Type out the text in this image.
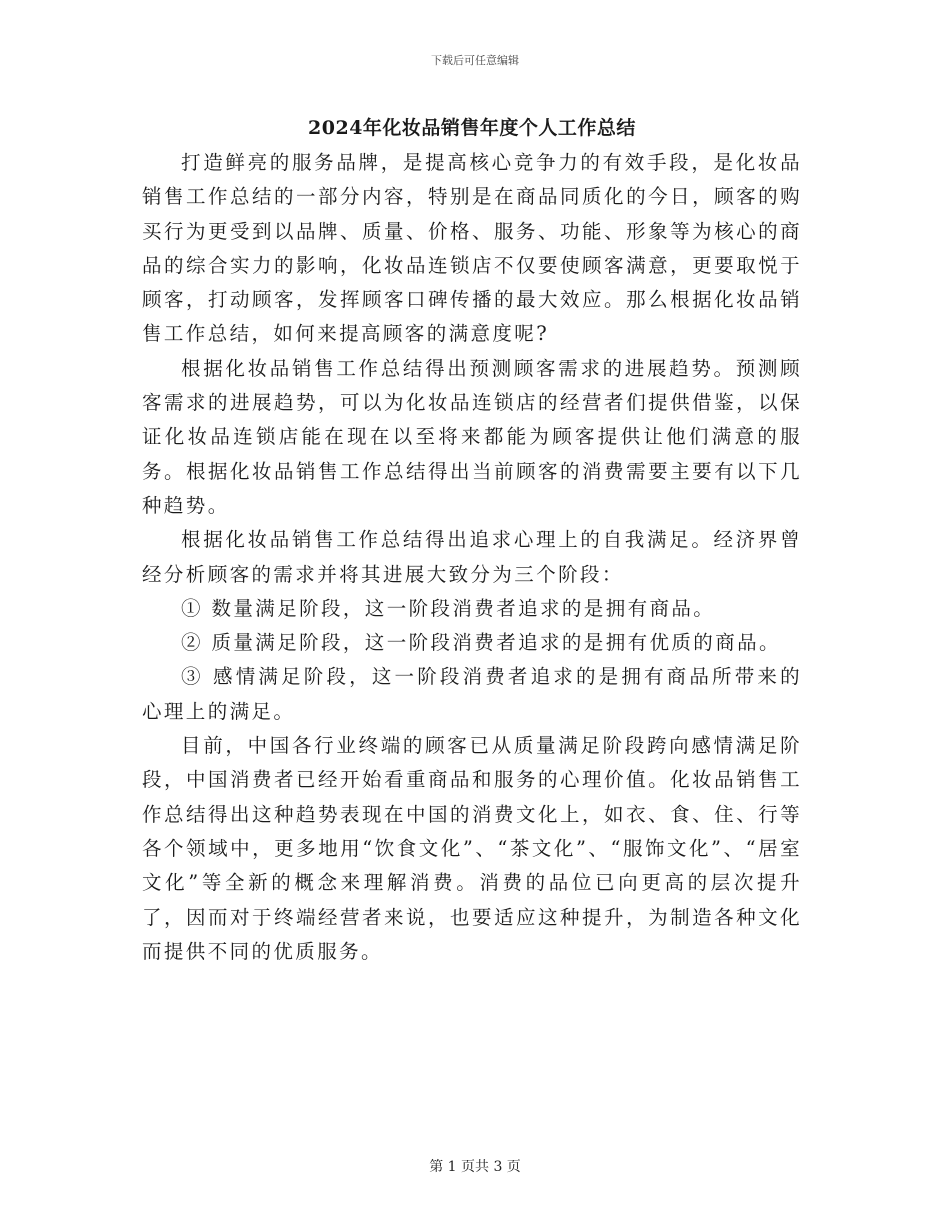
下载后可任意编辑
2024年化妆品销售年度个人工作总结

打造鲜亮的服务品牌，是提高核心竞争力的有效手段，是化妆品销售工作总结的一部分内容，特别是在商品同质化的今日，顾客的购买行为更受到以品牌、质量、价格、服务、功能、形象等为核心的商品的综合实力的影响，化妆品连锁店不仅要使顾客满意，更要取悦于顾客，打动顾客，发挥顾客口碑传播的最大效应。那么根据化妆品销售工作总结，如何来提高顾客的满意度呢?

根据化妆品销售工作总结得出预测顾客需求的进展趋势。预测顾客需求的进展趋势，可以为化妆品连锁店的经营者们提供借鉴，以保证化妆品连锁店能在现在以至将来都能为顾客提供让他们满意的服务。根据化妆品销售工作总结得出当前顾客的消费需要主要有以下几种趋势。

根据化妆品销售工作总结得出追求心理上的自我满足。经济界曾经分析顾客的需求并将其进展大致分为三个阶段：

① 数量满足阶段，这一阶段消费者追求的是拥有商品。

② 质量满足阶段，这一阶段消费者追求的是拥有优质的商品。

③ 感情满足阶段，这一阶段消费者追求的是拥有商品所带来的心理上的满足。

目前，中国各行业终端的顾客已从质量满足阶段跨向感情满足阶段，中国消费者已经开始看重商品和服务的心理价值。化妆品销售工作总结得出这种趋势表现在中国的消费文化上，如衣、食、住、行等各个领域中，更多地用“饮食文化”、“茶文化”、“服饰文化”、“居室文化”等全新的概念来理解消费。消费的品位已向更高的层次提升了，因而对于终端经营者来说，也要适应这种提升，为制造各种文化而提供不同的优质服务。

第 1 页共 3 页
